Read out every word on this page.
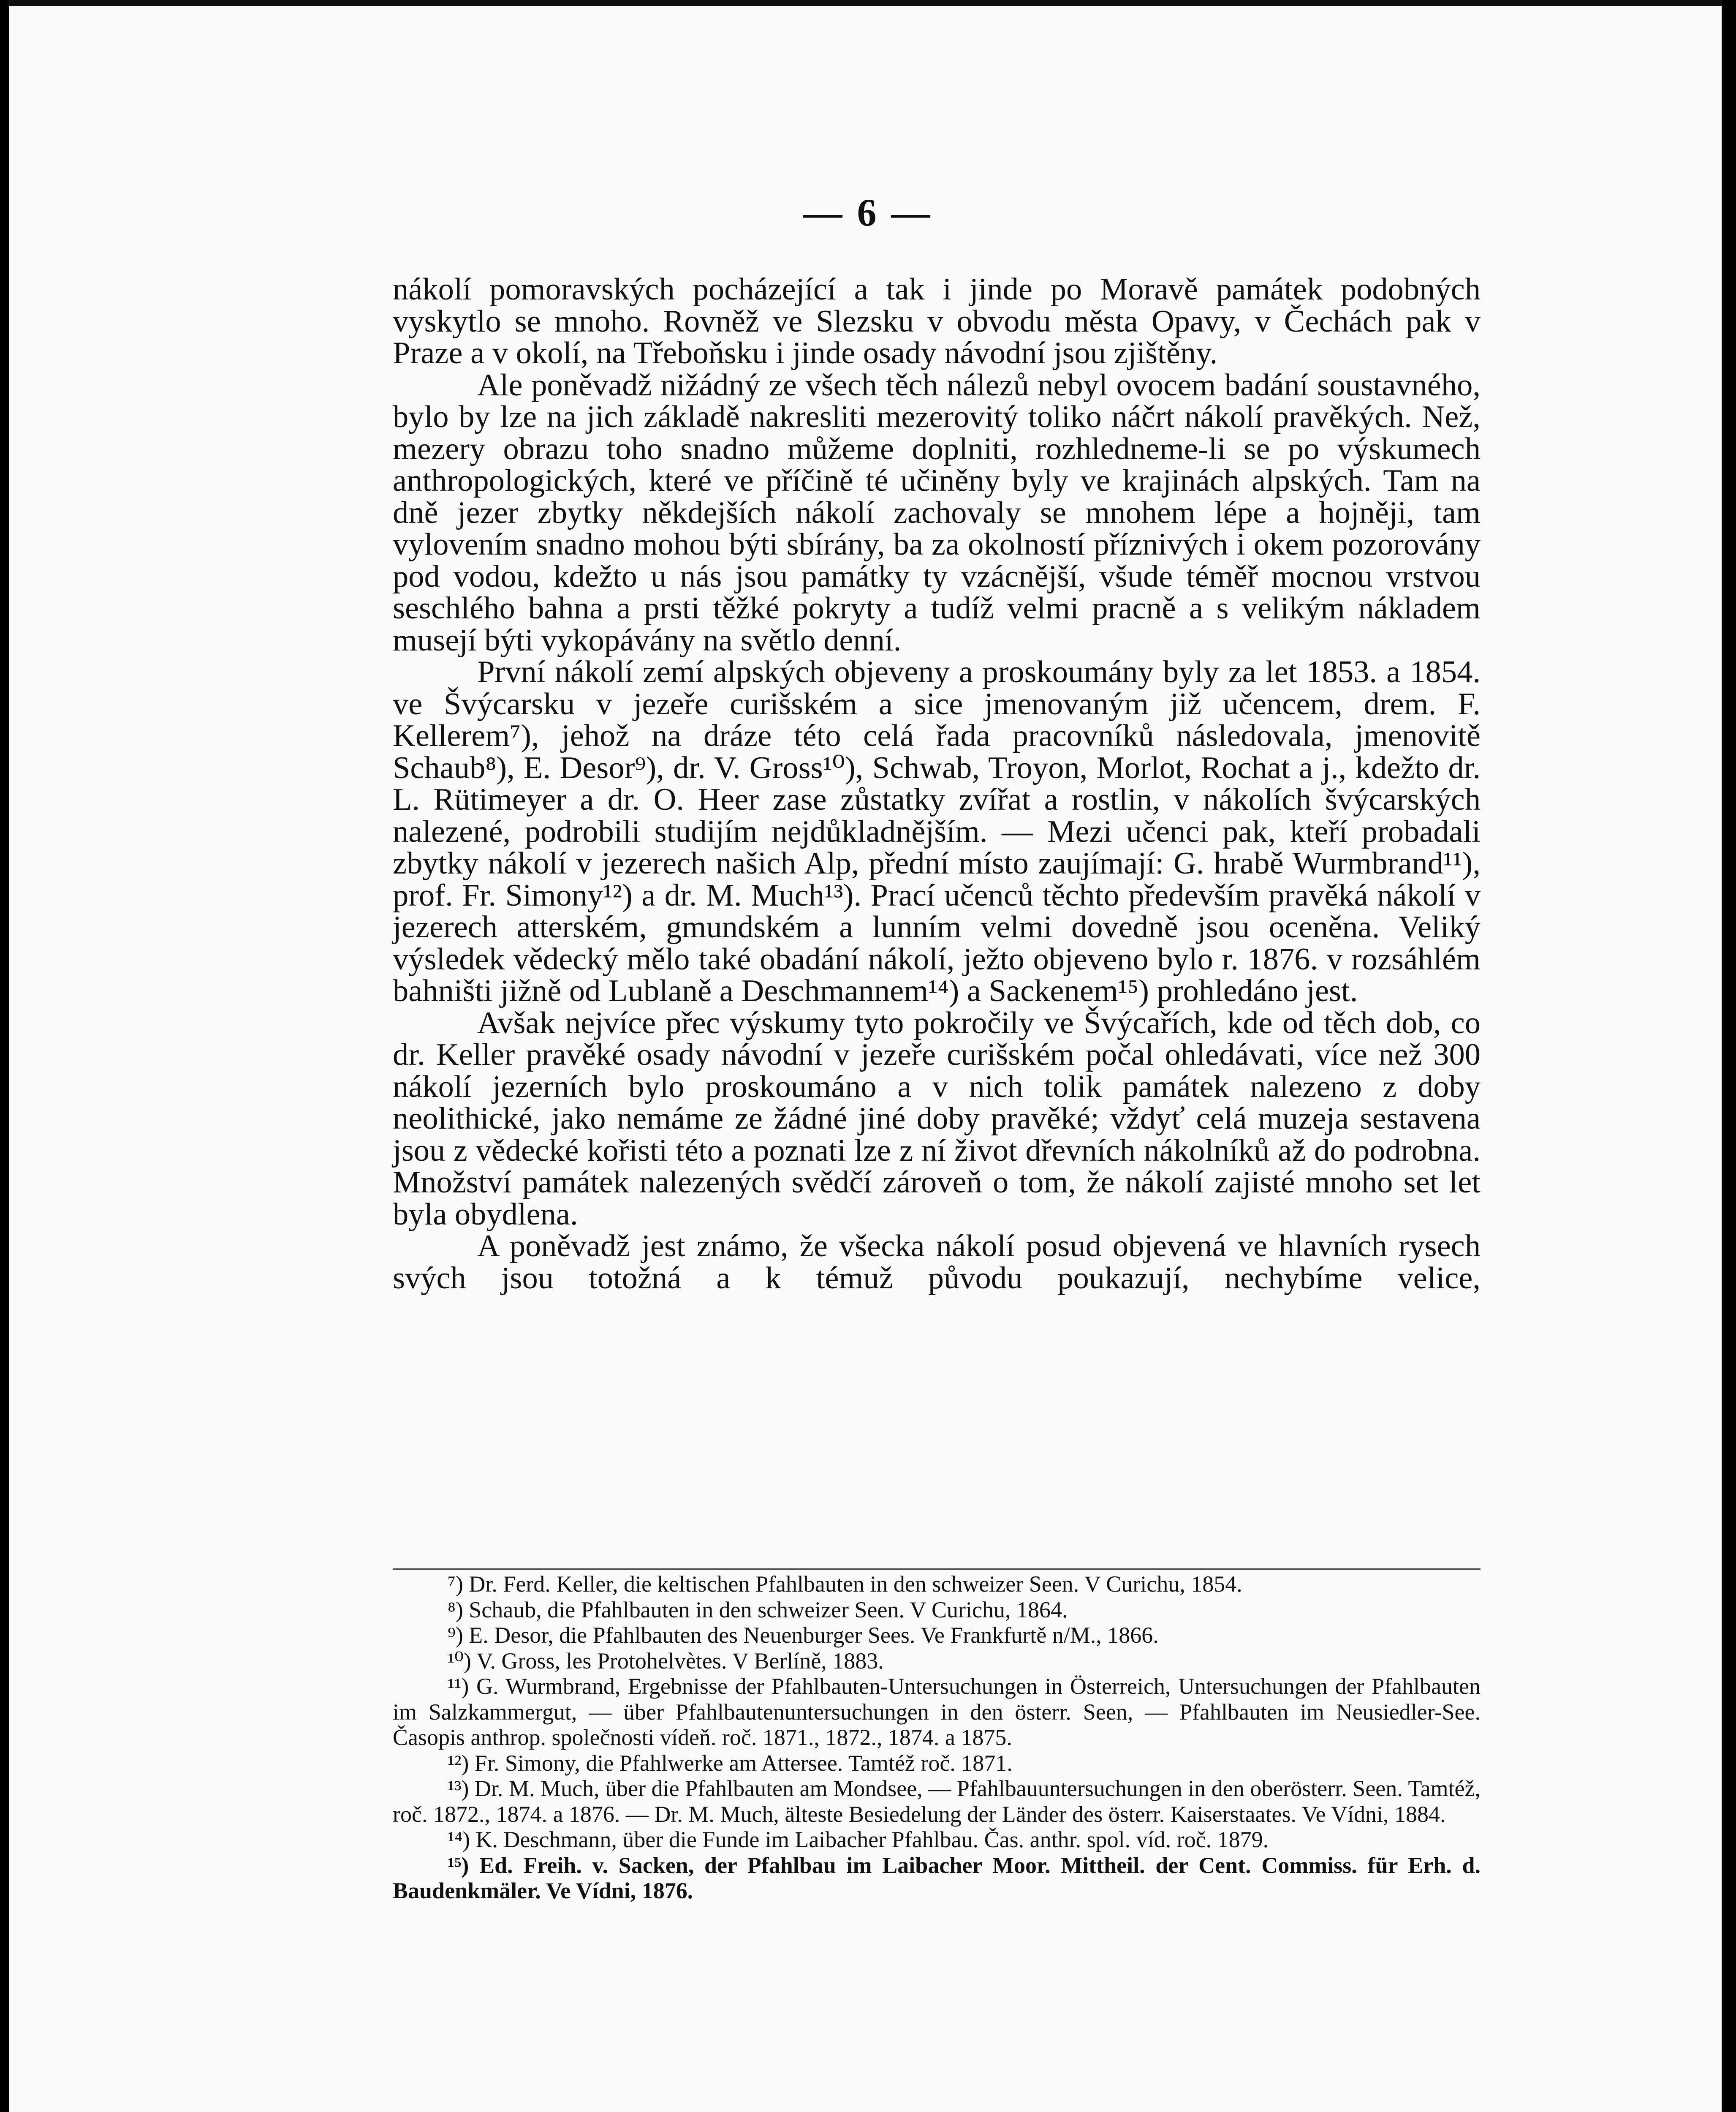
— 6 —

nákolí pomoravských pocházející a tak i jinde po Moravě památek podobných vyskytlo se mnoho. Rovněž ve Slezsku v obvodu města Opavy, v Čechách pak v Praze a v okolí, na Třeboňsku i jinde osady návodní jsou zjištěny.

Ale poněvadž nižádný ze všech těch nálezů nebyl ovocem badání soustavného, bylo by lze na jich základě nakresliti mezerovitý toliko náčrt nákolí pravěkých. Než, mezery obrazu toho snadno můžeme doplniti, rozhledneme-li se po výskumech anthropologických, které ve příčině té učiněny byly ve krajinách alpských. Tam na dně jezer zbytky někdejších nákolí zachovaly se mnohem lépe a hojněji, tam vylovením snadno mohou býti sbírány, ba za okolností příznivých i okem pozorovány pod vodou, kdežto u nás jsou památky ty vzácnější, všude téměř mocnou vrstvou seschlého bahna a prsti těžké pokryty a tudíž velmi pracně a s velikým nákladem musejí býti vykopávány na světlo denní.

První nákolí zemí alpských objeveny a proskoumány byly za let 1853. a 1854. ve Švýcarsku v jezeře curišském a sice jmenovaným již učencem, drem. F. Kellerem⁷), jehož na dráze této celá řada pracovníků následovala, jmenovitě Schaub⁸), E. Desor⁹), dr. V. Gross¹⁰), Schwab, Troyon, Morlot, Rochat a j., kdežto dr. L. Rütimeyer a dr. O. Heer zase zůstatky zvířat a rostlin, v nákolích švýcarských nalezené, podrobili studijím nejdůkladnějším. — Mezi učenci pak, kteří probadali zbytky nákolí v jezerech našich Alp, přední místo zaujímají: G. hrabě Wurmbrand¹¹), prof. Fr. Simony¹²) a dr. M. Much¹³). Prací učenců těchto především pravěká nákolí v jezerech atterském, gmundském a lunním velmi dovedně jsou oceněna. Veliký výsledek vědecký mělo také obadání nákolí, ježto objeveno bylo r. 1876. v rozsáhlém bahništi jižně od Lublaně a Deschmannem¹⁴) a Sackenem¹⁵) prohledáno jest.

Avšak nejvíce přec výskumy tyto pokročily ve Švýcařích, kde od těch dob, co dr. Keller pravěké osady návodní v jezeře curišském počal ohledávati, více než 300 nákolí jezerních bylo proskoumáno a v nich tolik památek nalezeno z doby neolithické, jako nemáme ze žádné jiné doby pravěké; vždyť celá muzeja sestavena jsou z vědecké kořisti této a poznati lze z ní život dřevních nákolníků až do podrobna. Množství památek nalezených svědčí zároveň o tom, že nákolí zajisté mnoho set let byla obydlena.

A poněvadž jest známo, že všecka nákolí posud objevená ve hlavních rysech svých jsou totožná a k témuž původu poukazují, nechybíme velice,

⁷) Dr. Ferd. Keller, die keltischen Pfahlbauten in den schweizer Seen. V Curichu, 1854.

⁸) Schaub, die Pfahlbauten in den schweizer Seen. V Curichu, 1864.

⁹) E. Desor, die Pfahlbauten des Neuenburger Sees. Ve Frankfurtě n/M., 1866.

¹⁰) V. Gross, les Protohelvètes. V Berlíně, 1883.

¹¹) G. Wurmbrand, Ergebnisse der Pfahlbauten-Untersuchungen in Österreich, Untersuchungen der Pfahlbauten im Salzkammergut, — über Pfahlbautenuntersuchungen in den österr. Seen, — Pfahlbauten im Neusiedler-See. Časopis anthrop. společnosti vídeň. roč. 1871., 1872., 1874. a 1875.

¹²) Fr. Simony, die Pfahlwerke am Attersee. Tamtéž roč. 1871.

¹³) Dr. M. Much, über die Pfahlbauten am Mondsee, — Pfahlbauuntersuchungen in den oberösterr. Seen. Tamtéž, roč. 1872., 1874. a 1876. — Dr. M. Much, älteste Besiedelung der Länder des österr. Kaiserstaates. Ve Vídni, 1884.

¹⁴) K. Deschmann, über die Funde im Laibacher Pfahlbau. Čas. anthr. spol. víd. roč. 1879.

¹⁵) Ed. Freih. v. Sacken, der Pfahlbau im Laibacher Moor. Mittheil. der Cent. Commiss. für Erh. d. Baudenkmäler. Ve Vídni, 1876.
